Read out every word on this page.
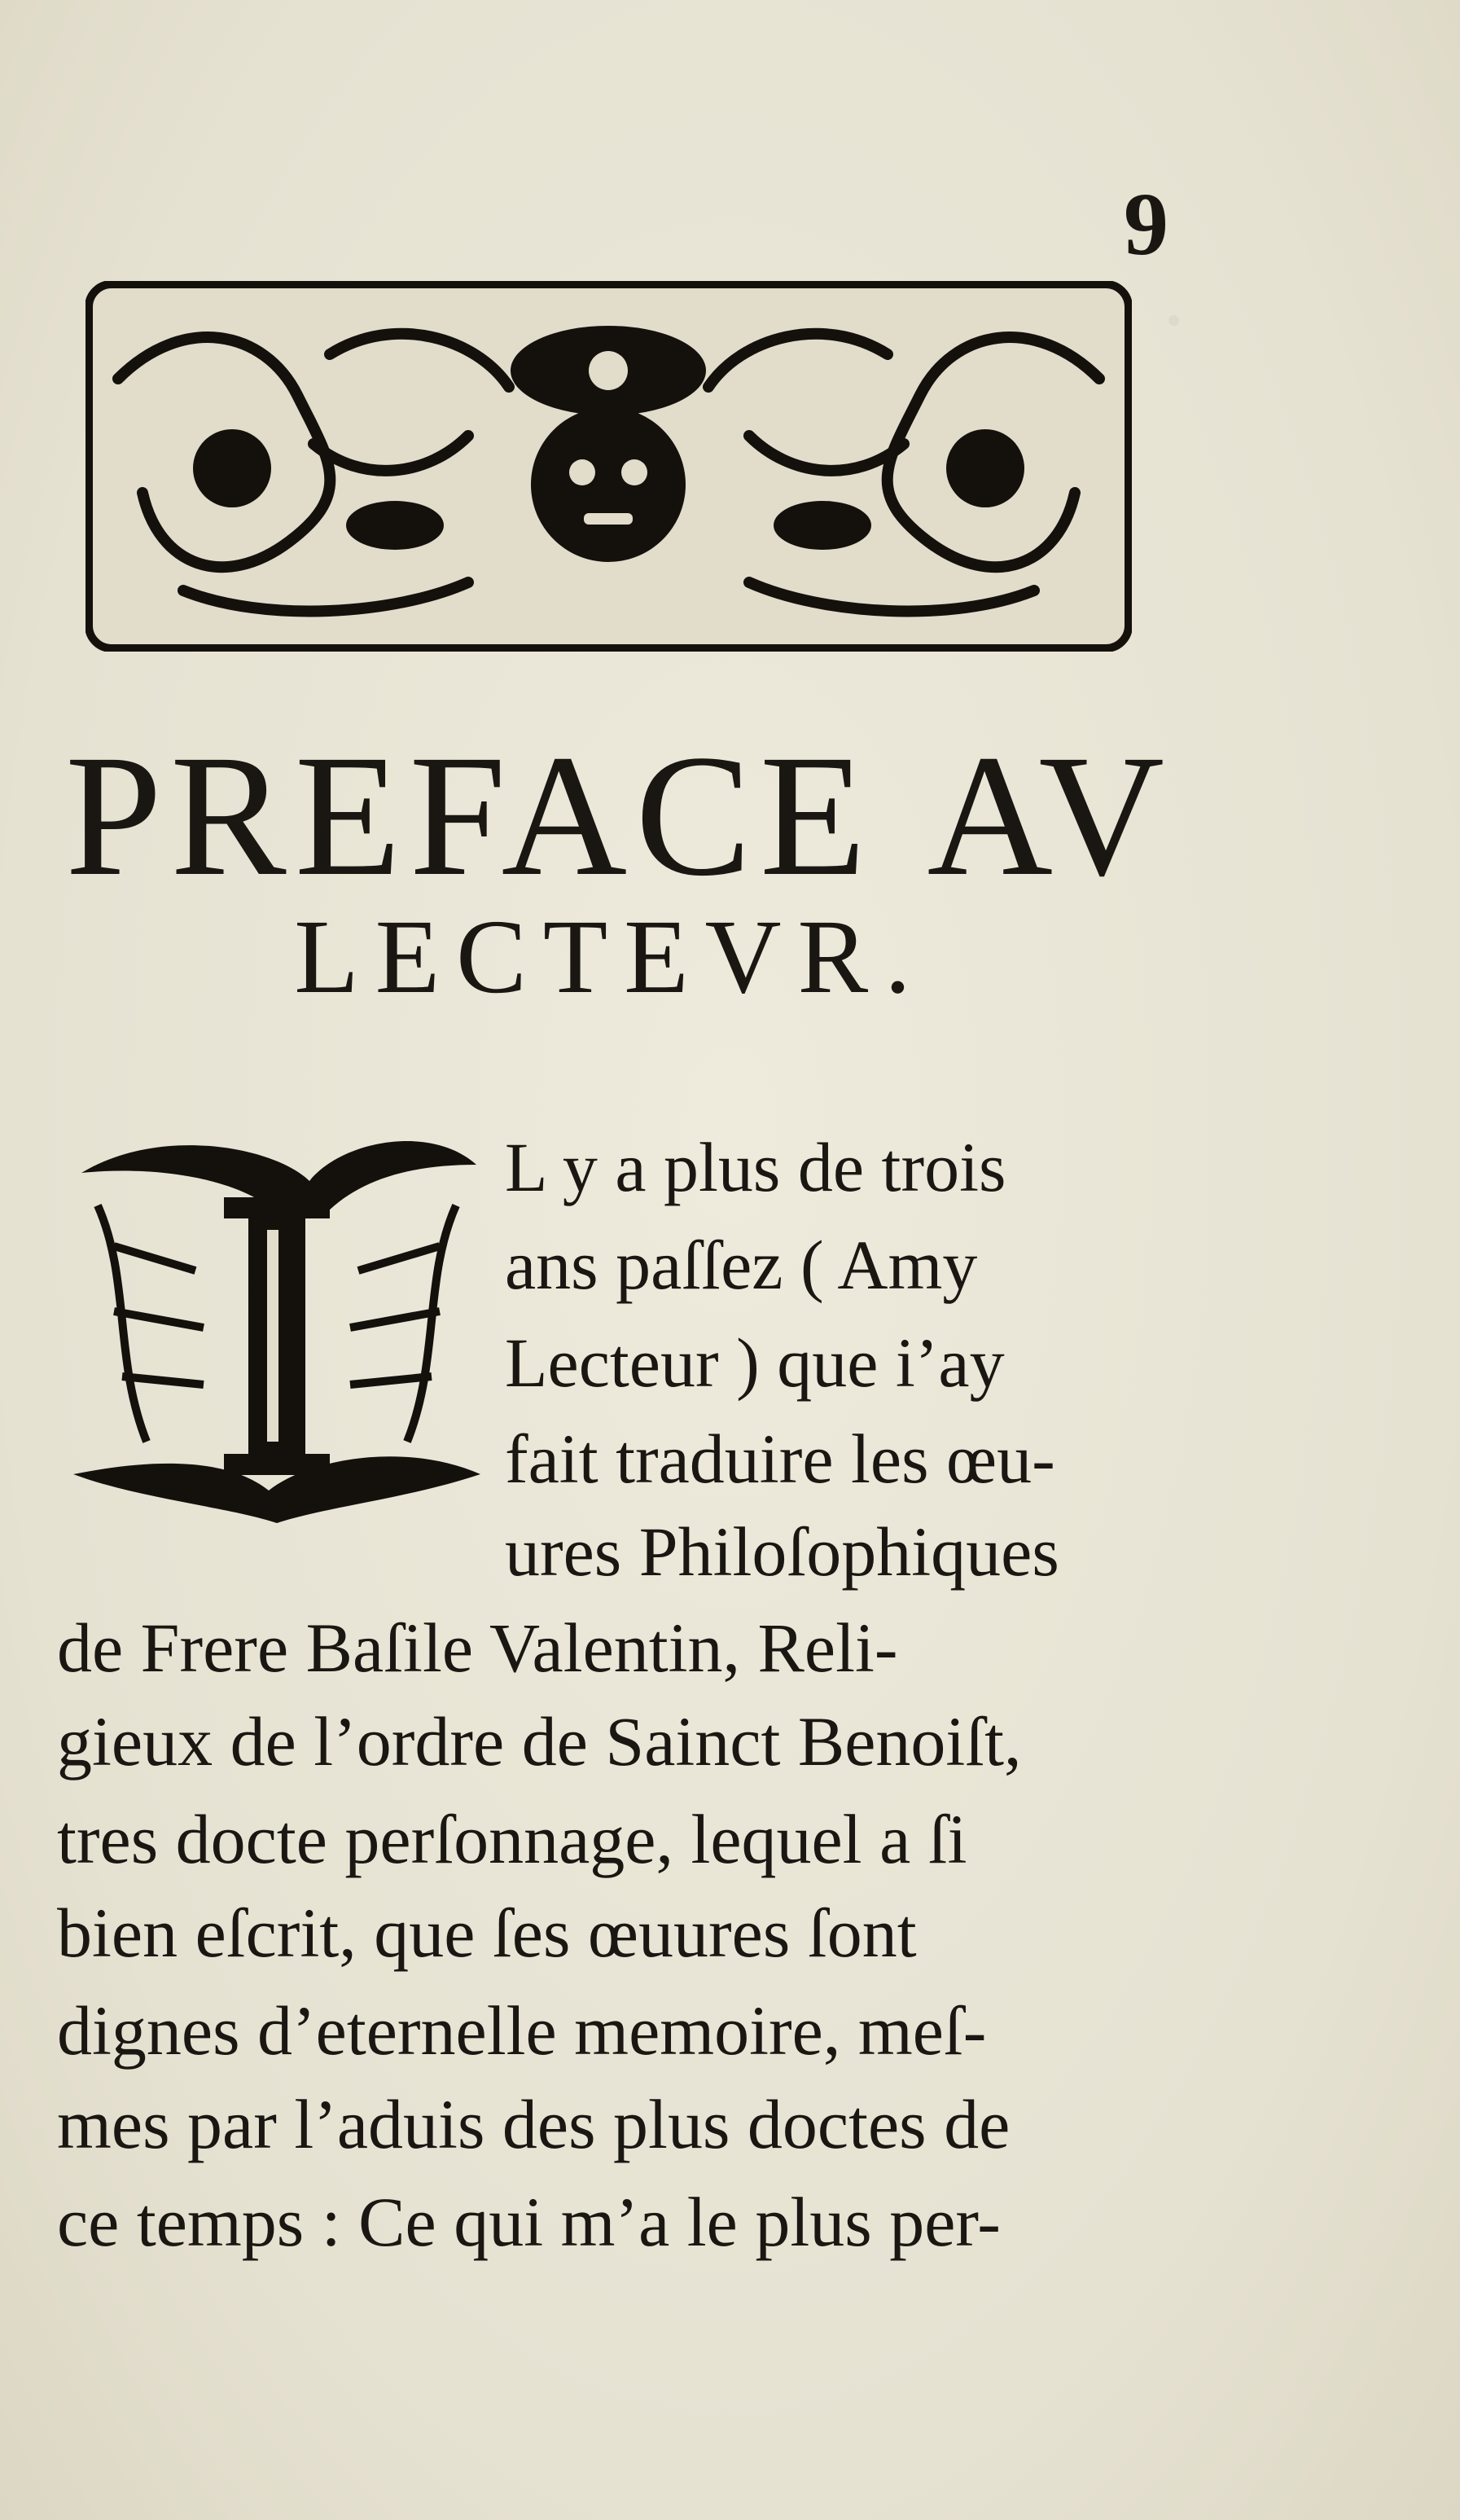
·
9
PREFACE AV
LECTEVR.
L y a plus de trois
ans paſſez ( Amy
Lecteur ) que i’ay
fait traduire les œu-
ures Philoſophiques
de Frere Baſile Valentin, Reli-
gieux de l’ordre de Sainct Benoiſt,
tres docte perſonnage, lequel a ſi
bien eſcrit, que ſes œuures ſont
dignes d’eternelle memoire, meſ-
mes par l’aduis des plus doctes de
ce temps : Ce qui m’a le plus per-
